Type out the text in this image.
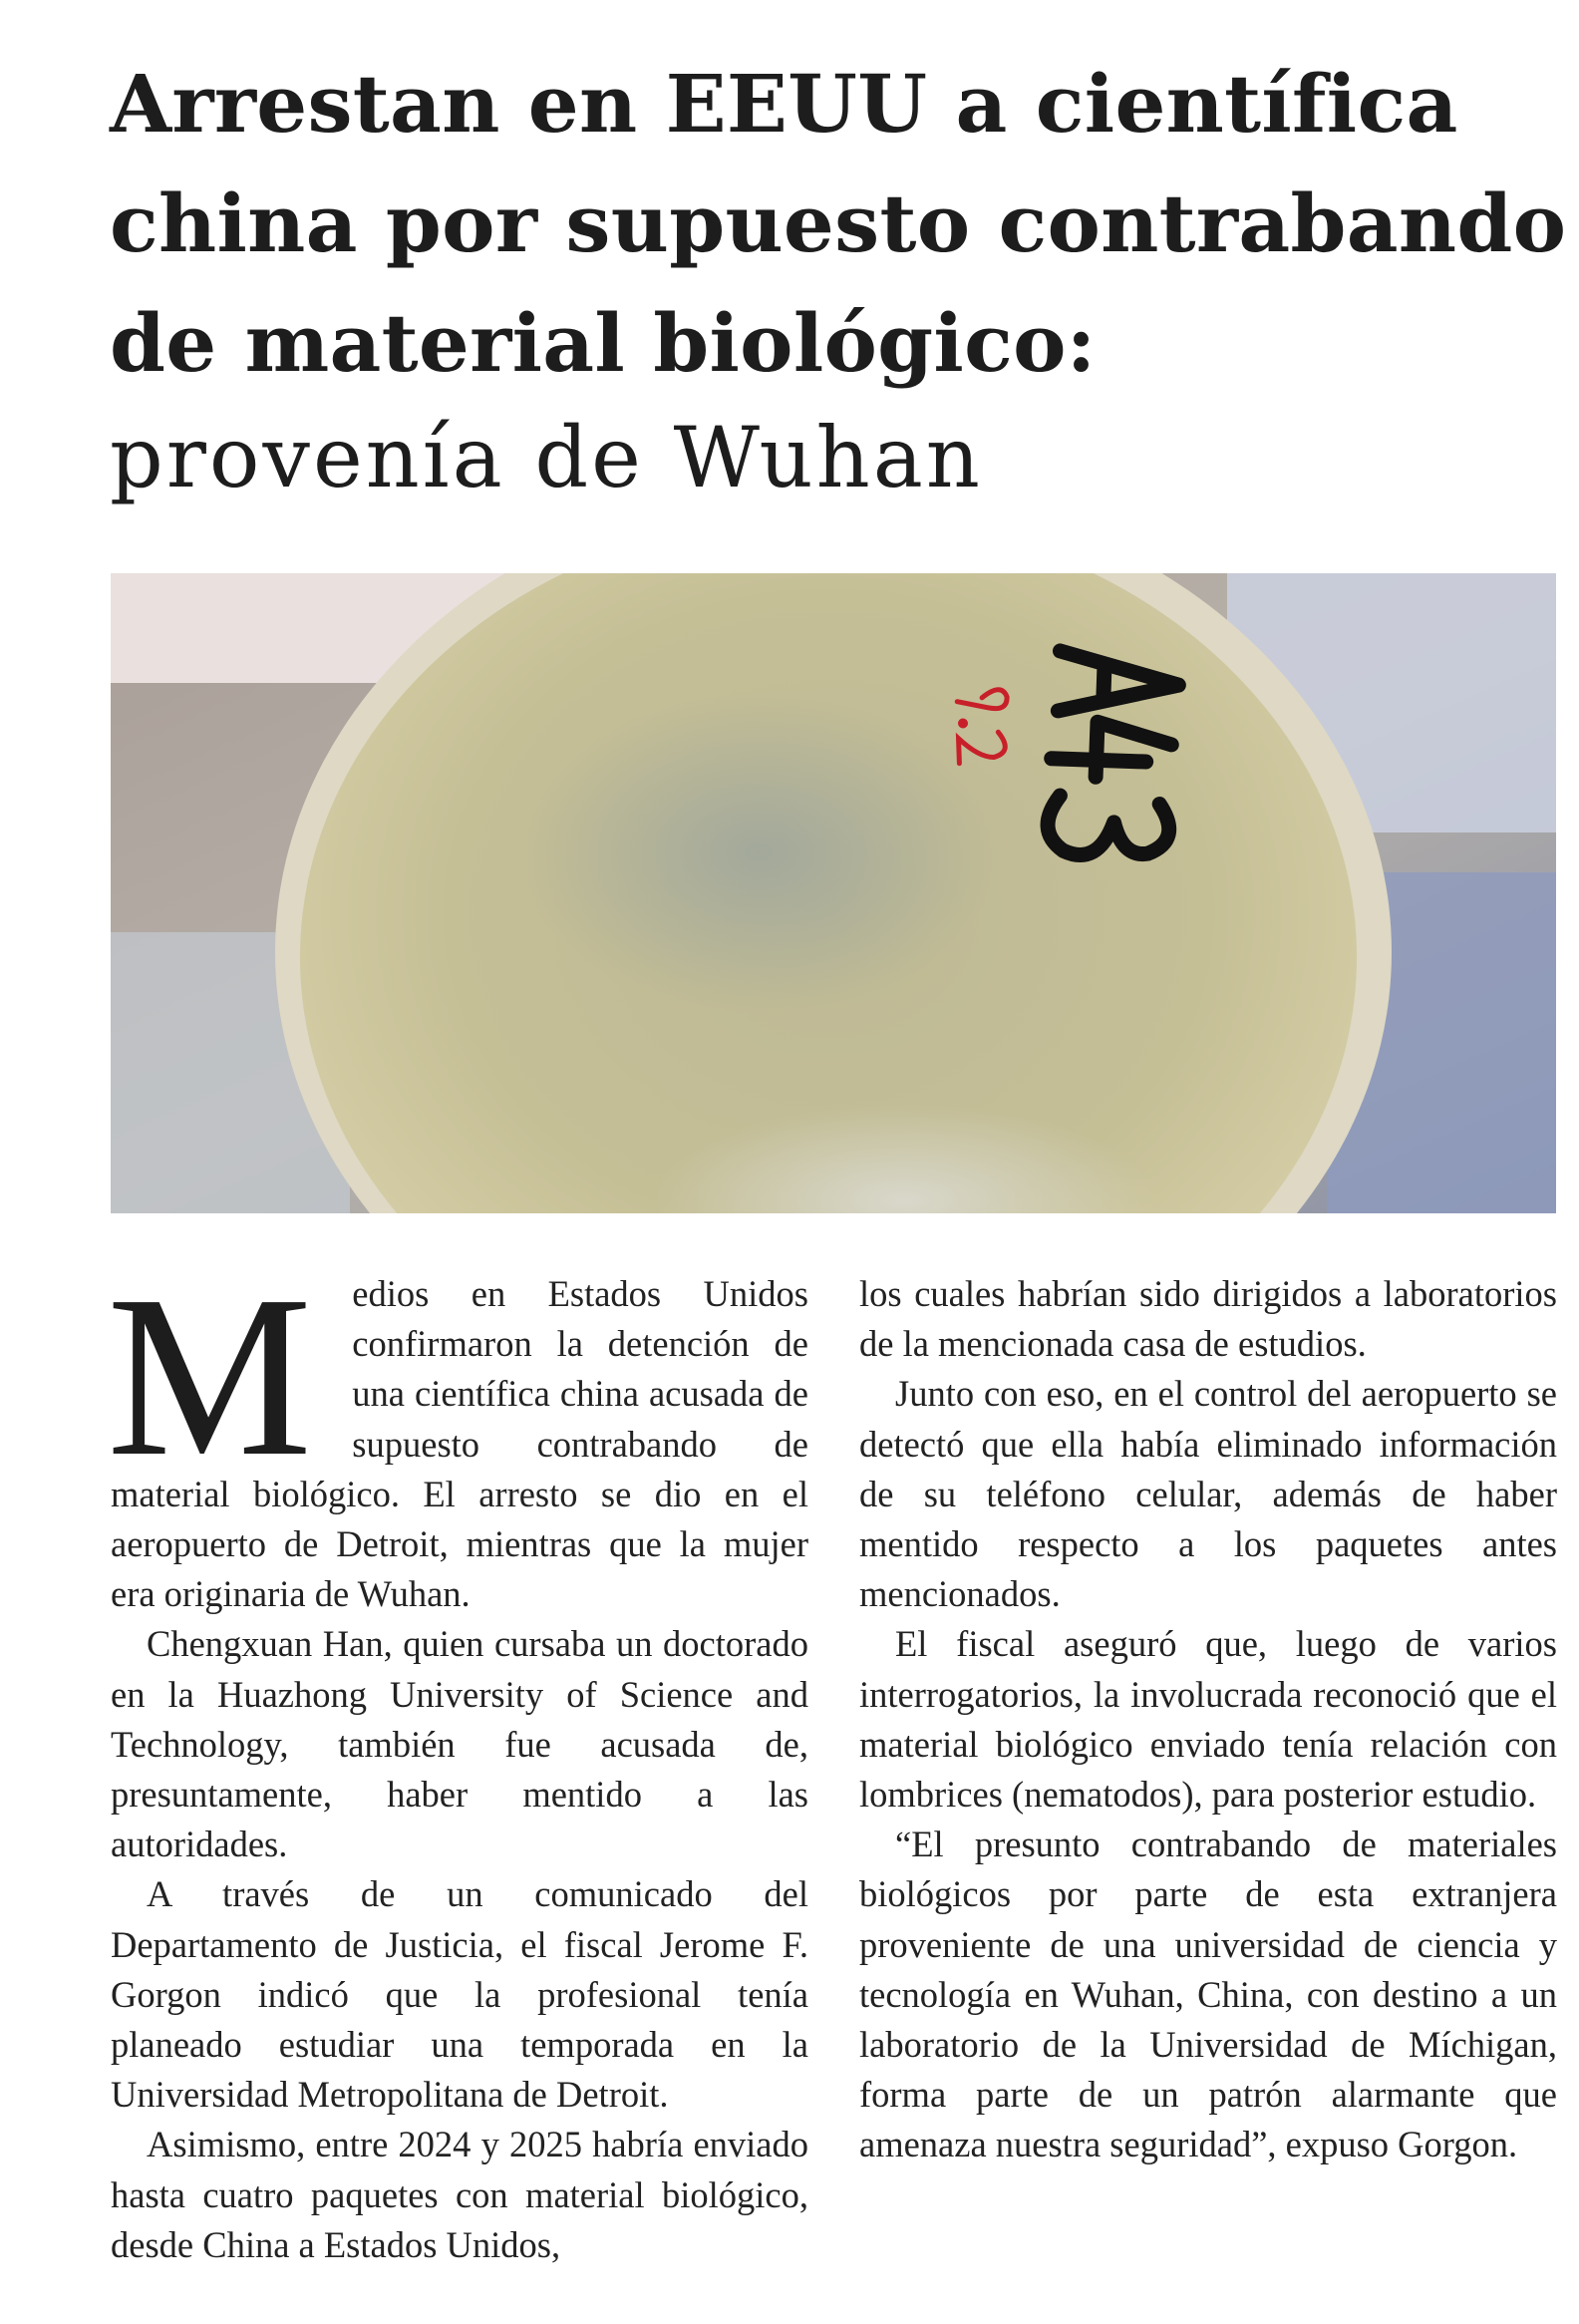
Arrestan en EEUU a científica
china por supuesto contrabando
de material biológico:
provenía de Wuhan

M edios en Estados Unidos confirmaron la detención de una científica china acusada de supuesto contrabando de material biológico. El arresto se dio en el aeropuerto de Detroit, mientras que la mujer era originaria de Wuhan.

Chengxuan Han, quien cursaba un doctorado en la Huazhong University of Science and Technology, también fue acusada de, presuntamente, haber mentido a las autoridades.

A través de un comunicado del Departamento de Justicia, el fiscal Jerome F. Gorgon indicó que la profesional tenía planeado estudiar una temporada en la Universidad Metropolitana de Detroit.

Asimismo, entre 2024 y 2025 habría enviado hasta cuatro paquetes con material biológico, desde China a Estados Unidos,

los cuales habrían sido dirigidos a laboratorios de la mencionada casa de estudios.

Junto con eso, en el control del aeropuerto se detectó que ella había eliminado información de su teléfono celular, además de haber mentido respecto a los paquetes antes mencionados.

El fiscal aseguró que, luego de varios interrogatorios, la involucrada reconoció que el material biológico enviado tenía relación con lombrices (nematodos), para posterior estudio.

“El presunto contrabando de materiales biológicos por parte de esta extranjera proveniente de una universidad de ciencia y tecnología en Wuhan, China, con destino a un laboratorio de la Universidad de Míchigan, forma parte de un patrón alarmante que amenaza nuestra seguridad”, expuso Gorgon.
